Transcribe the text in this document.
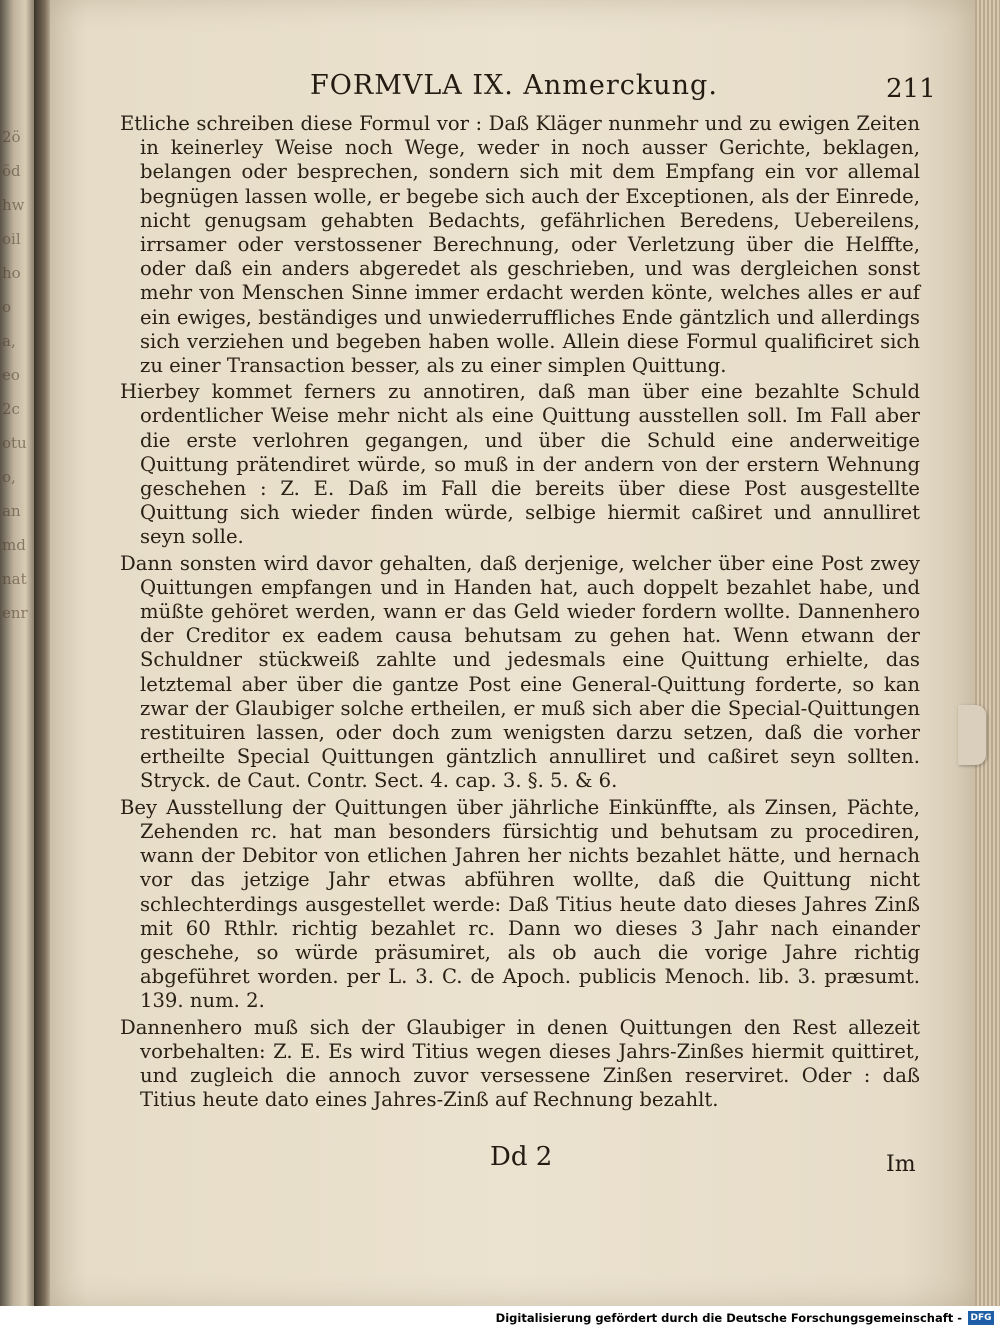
2öödhwoilhoo a, eo2cotuo, anmdnatenr
FORMVLA IX. Anmerckung.	211

Etliche schreiben diese Formul vor : Daß Kläger nunmehr und zu ewigen Zeiten in keinerley Weise noch Wege, weder in noch ausser Gerichte, beklagen, belangen oder besprechen, sondern sich mit dem Empfang ein vor allemal begnügen lassen wolle, er begebe sich auch der Exceptionen, als der Einrede, nicht genugsam gehabten Bedachts, gefährlichen Beredens, Uebereilens, irrsamer oder verstossener Berechnung, oder Verletzung über die Helffte, oder daß ein anders abgeredet als geschrieben, und was dergleichen sonst mehr von Menschen Sinne immer erdacht werden könte, welches alles er auf ein ewiges, beständiges und unwiederruffliches Ende gäntzlich und allerdings sich verziehen und begeben haben wolle. Allein diese Formul qualificiret sich zu einer Transaction besser, als zu einer simplen Quittung.

Hierbey kommet ferners zu annotiren, daß man über eine bezahlte Schuld ordentlicher Weise mehr nicht als eine Quittung ausstellen soll. Im Fall aber die erste verlohren gegangen, und über die Schuld eine anderweitige Quittung prätendiret würde, so muß in der andern von der erstern Wehnung geschehen : Z. E. Daß im Fall die bereits über diese Post ausgestellte Quittung sich wieder finden würde, selbige hiermit caßiret und annulliret seyn solle.

Dann sonsten wird davor gehalten, daß derjenige, welcher über eine Post zwey Quittungen empfangen und in Handen hat, auch doppelt bezahlet habe, und müßte gehöret werden, wann er das Geld wieder fordern wollte. Dannenhero der Creditor ex eadem causa behutsam zu gehen hat. Wenn etwann der Schuldner stückweiß zahlte und jedesmals eine Quittung erhielte, das letztemal aber über die gantze Post eine General-Quittung forderte, so kan zwar der Glaubiger solche ertheilen, er muß sich aber die Special-Quittungen restituiren lassen, oder doch zum wenigsten darzu setzen, daß die vorher ertheilte Special Quittungen gäntzlich annulliret und caßiret seyn sollten. Stryck. de Caut. Contr. Sect. 4. cap. 3. §. 5. & 6.

Bey Ausstellung der Quittungen über jährliche Einkünffte, als Zinsen, Pächte, Zehenden rc. hat man besonders fürsichtig und behutsam zu procediren, wann der Debitor von etlichen Jahren her nichts bezahlet hätte, und hernach vor das jetzige Jahr etwas abführen wollte, daß die Quittung nicht schlechterdings ausgestellet werde: Daß Titius heute dato dieses Jahres Zinß mit 60 Rthlr. richtig bezahlet rc. Dann wo dieses 3 Jahr nach einander geschehe, so würde präsumiret, als ob auch die vorige Jahre richtig abgeführet worden. per L. 3. C. de Apoch. publicis Menoch. lib. 3. præsumt. 139. num. 2.

Dannenhero muß sich der Glaubiger in denen Quittungen den Rest allezeit vorbehalten: Z. E. Es wird Titius wegen dieses Jahrs-Zinßes hiermit quittiret, und zugleich die annoch zuvor versessene Zinßen reserviret. Oder : daß Titius heute dato eines Jahres-Zinß auf Rechnung bezahlt.

Dd 2	Im
Digitalisierung gefördert durch die Deutsche Forschungsgemeinschaft - DFG
